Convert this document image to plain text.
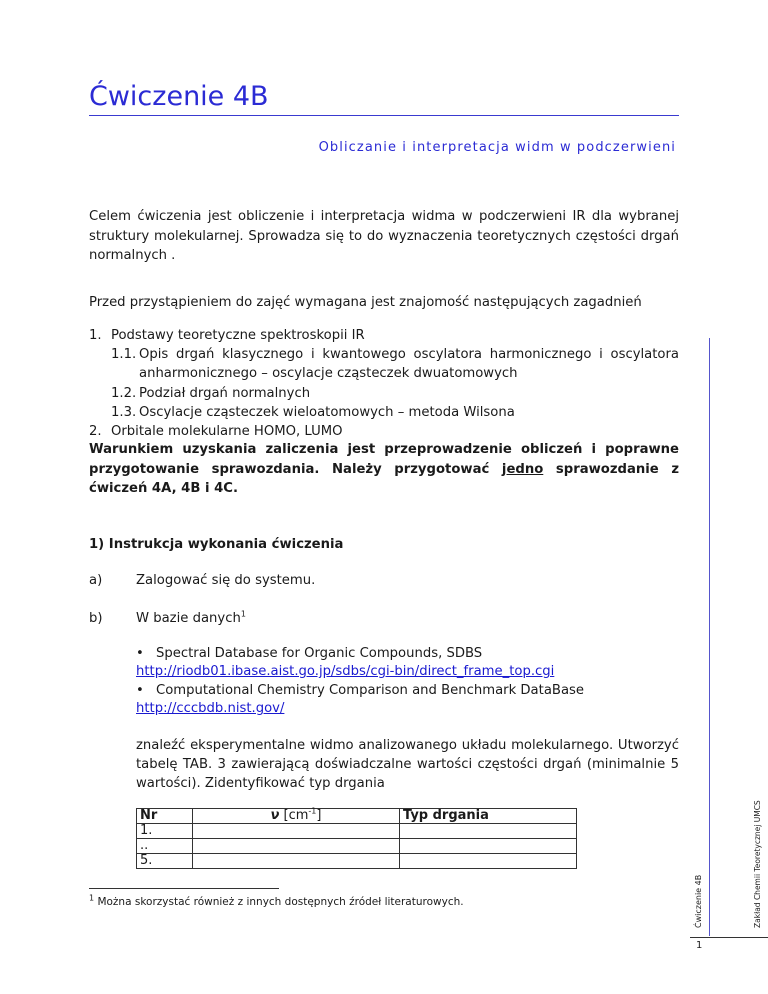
Ćwiczenie 4B
Obliczanie i interpretacja widm w podczerwieni

Celem ćwiczenia jest obliczenie i interpretacja widma w podczerwieni IR dla wybranej struktury molekularnej. Sprowadza się to do wyznaczenia teoretycznych częstości drgań normalnych .

Przed przystąpieniem do zajęć wymagana jest znajomość następujących zagadnień

1. Podstawy teoretyczne spektroskopii IR
1.1. Opis drgań klasycznego i kwantowego oscylatora harmonicznego i oscylatora anharmonicznego – oscylacje cząsteczek dwuatomowych
1.2. Podział drgań normalnych
1.3. Oscylacje cząsteczek wieloatomowych – metoda Wilsona
2. Orbitale molekularne HOMO, LUMO

Warunkiem uzyskania zaliczenia jest przeprowadzenie obliczeń i poprawne przygotowanie sprawozdania. Należy przygotować jedno sprawozdanie z ćwiczeń 4A, 4B i 4C.

1) Instrukcja wykonania ćwiczenia
a)	Zalogować się do systemu.
b)	W bazie danych$^1$
• Spectral Database for Organic Compounds, SDBS
http://riodb01.ibase.aist.go.jp/sdbs/cgi-bin/direct_frame_top.cgi
• Computational Chemistry Comparison and Benchmark DataBase
http://cccbdb.nist.gov/

znaleźć eksperymentalne widmo analizowanego układu molekularnego. Utworzyć tabelę TAB. 3 zawierającą doświadczalne wartości częstości drgań (minimalnie 5 wartości). Zidentyfikować typ drgania

Nr	ν $[cm^{-1}]$	Typ drgania
1.		
..		
5.		
$^1$ Można skorzystać również z innych dostępnych źródeł literaturowych.	Ćwiczenie 4B	Zakład Chemii Teoretycznej UMCS
1
